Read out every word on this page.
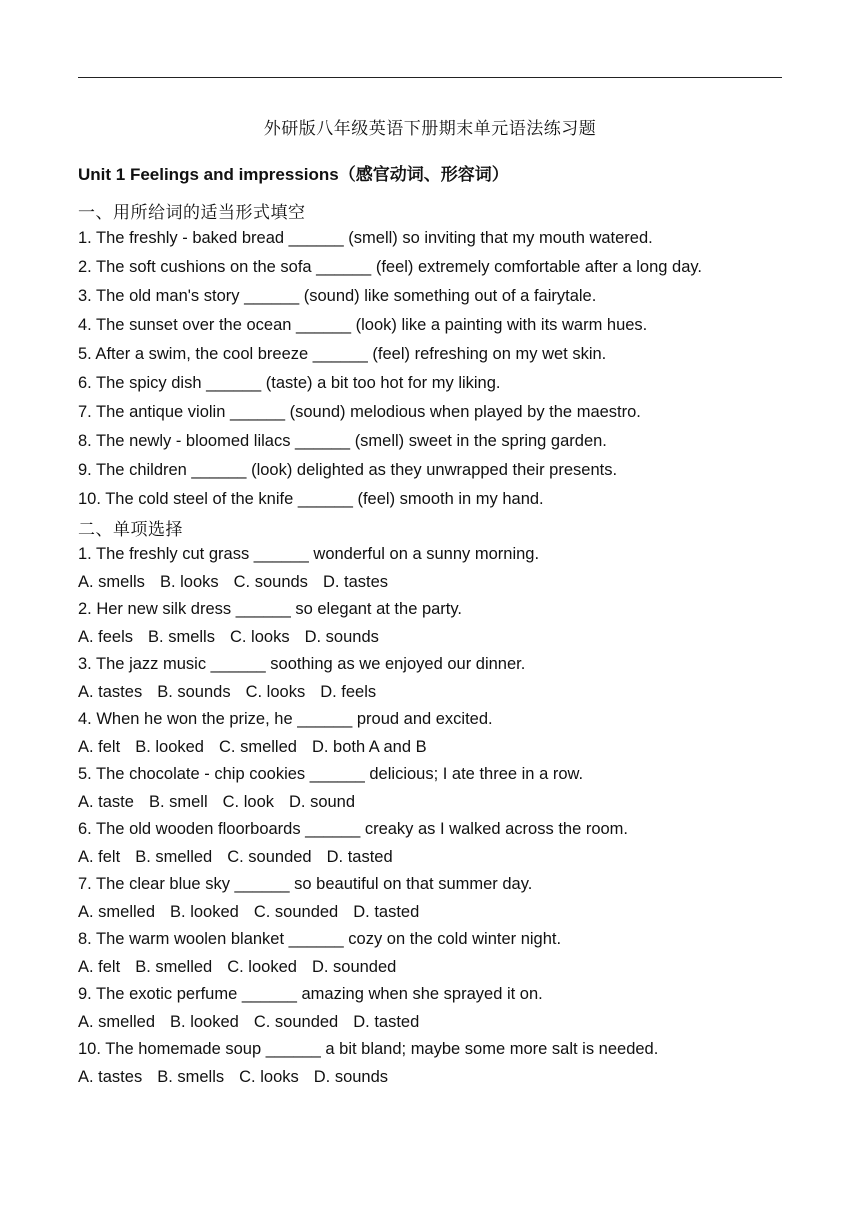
外研版八年级英语下册期末单元语法练习题
Unit 1 Feelings and impressions（感官动词、形容词）
一、用所给词的适当形式填空
1. The freshly - baked bread ______ (smell) so inviting that my mouth watered.
2. The soft cushions on the sofa ______ (feel) extremely comfortable after a long day.
3. The old man's story ______ (sound) like something out of a fairytale.
4. The sunset over the ocean ______ (look) like a painting with its warm hues.
5. After a swim, the cool breeze ______ (feel) refreshing on my wet skin.
6. The spicy dish ______ (taste) a bit too hot for my liking.
7. The antique violin ______ (sound) melodious when played by the maestro.
8. The newly - bloomed lilacs ______ (smell) sweet in the spring garden.
9. The children ______ (look) delighted as they unwrapped their presents.
10. The cold steel of the knife ______ (feel) smooth in my hand.
二、单项选择
1. The freshly cut grass ______ wonderful on a sunny morning.
A. smells B. looks C. sounds D. tastes
2. Her new silk dress ______ so elegant at the party.
A. feels B. smells C. looks D. sounds
3. The jazz music ______ soothing as we enjoyed our dinner.
A. tastes B. sounds C. looks D. feels
4. When he won the prize, he ______ proud and excited.
A. felt B. looked C. smelled D. both A and B
5. The chocolate - chip cookies ______ delicious; I ate three in a row.
A. taste B. smell C. look D. sound
6. The old wooden floorboards ______ creaky as I walked across the room.
A. felt B. smelled C. sounded D. tasted
7. The clear blue sky ______ so beautiful on that summer day.
A. smelled B. looked C. sounded D. tasted
8. The warm woolen blanket ______ cozy on the cold winter night.
A. felt B. smelled C. looked D. sounded
9. The exotic perfume ______ amazing when she sprayed it on.
A. smelled B. looked C. sounded D. tasted
10. The homemade soup ______ a bit bland; maybe some more salt is needed.
A. tastes B. smells C. looks D. sounds
